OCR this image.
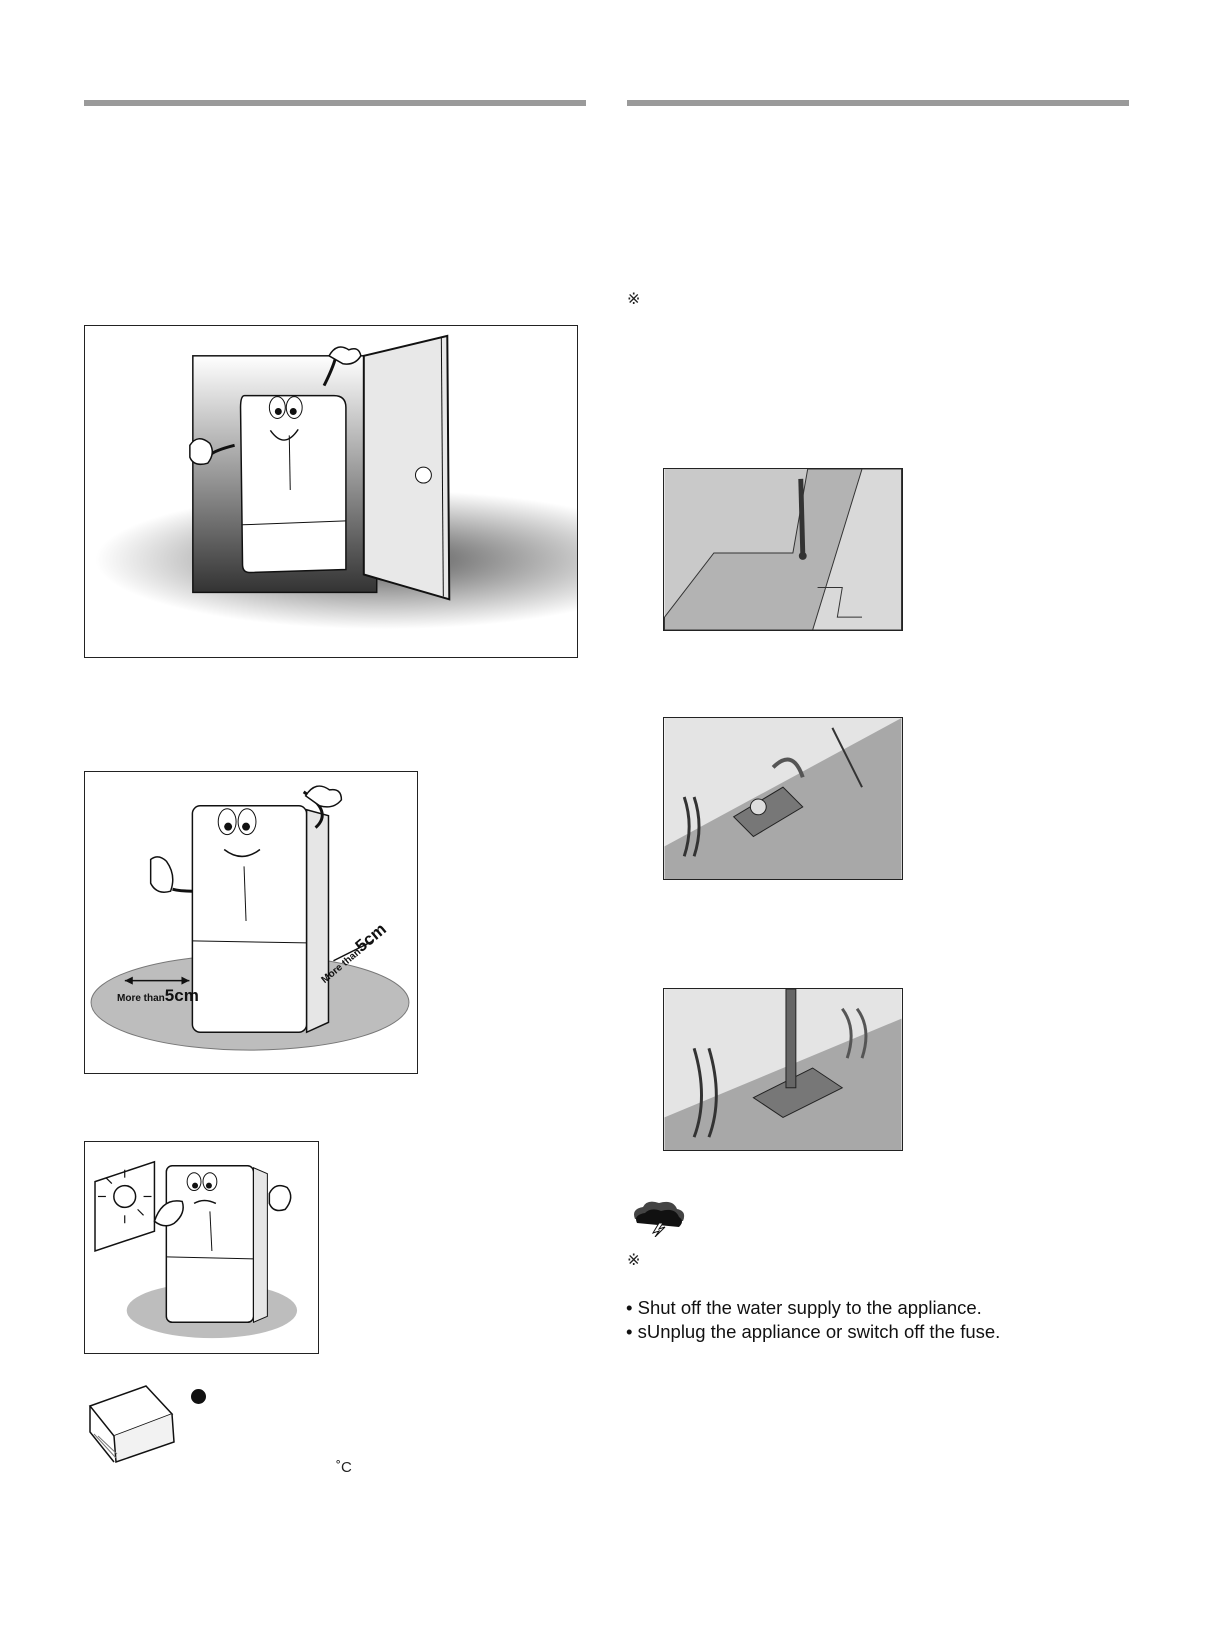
※
※
More than5cm
More than5cm
˚C
• Shut off the water supply to the appliance.
• sUnplug the appliance or switch off the fuse.
